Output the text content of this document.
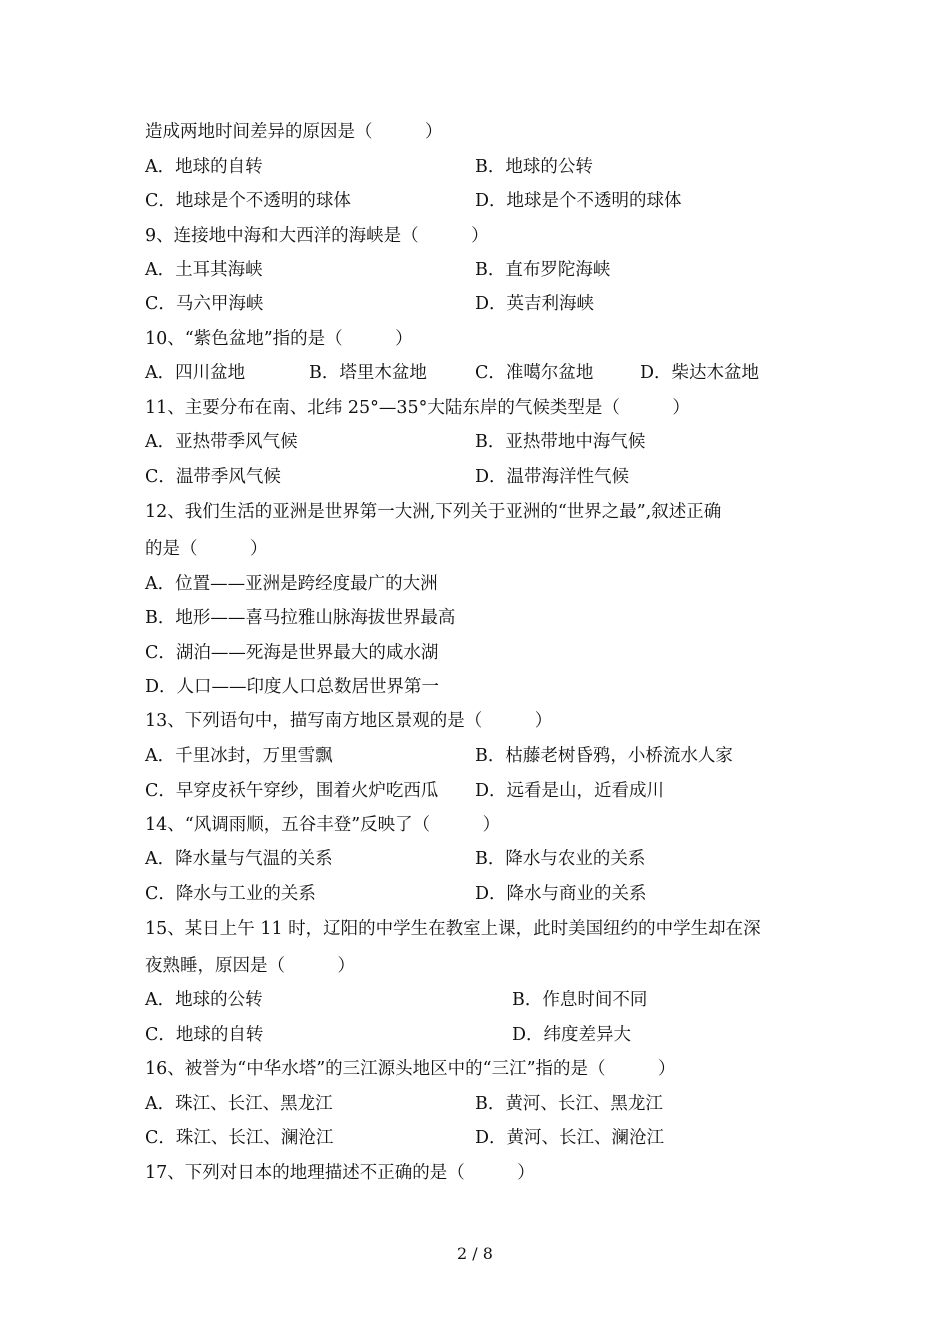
造成两地时间差异的原因是（　　　）
A．地球的自转	B．地球的公转
C．地球是个不透明的球体	D．地球是个不透明的球体
9、连接地中海和大西洋的海峡是（　　　）
A．土耳其海峡	B．直布罗陀海峡
C．马六甲海峡	D．英吉利海峡
10、“紫色盆地”指的是（　　　）
A．四川盆地	B．塔里木盆地	C．准噶尔盆地	D．柴达木盆地
11、主要分布在南、北纬 25°—35°大陆东岸的气候类型是（　　　）
A．亚热带季风气候	B．亚热带地中海气候
C．温带季风气候	D．温带海洋性气候
12、我们生活的亚洲是世界第一大洲,下列关于亚洲的“世界之最”,叙述正确
的是（　　　）
A．位置——亚洲是跨经度最广的大洲
B．地形——喜马拉雅山脉海拔世界最高
C．湖泊——死海是世界最大的咸水湖
D．人口——印度人口总数居世界第一
13、下列语句中，描写南方地区景观的是（　　　）
A．千里冰封，万里雪飘	B．枯藤老树昏鸦，小桥流水人家
C．早穿皮袄午穿纱，围着火炉吃西瓜 D．远看是山，近看成川
14、“风调雨顺，五谷丰登”反映了（　　　）
A．降水量与气温的关系	B．降水与农业的关系
C．降水与工业的关系	D．降水与商业的关系
15、某日上午 11 时，辽阳的中学生在教室上课，此时美国纽约的中学生却在深
夜熟睡，原因是（　　　）
A．地球的公转	B．作息时间不同
C．地球的自转	D．纬度差异大
16、被誉为“中华水塔”的三江源头地区中的“三江”指的是（　　　）
A．珠江、长江、黑龙江	B．黄河、长江、黑龙江
C．珠江、长江、澜沧江	D．黄河、长江、澜沧江
17、下列对日本的地理描述不正确的是（　　　）
2 / 8
